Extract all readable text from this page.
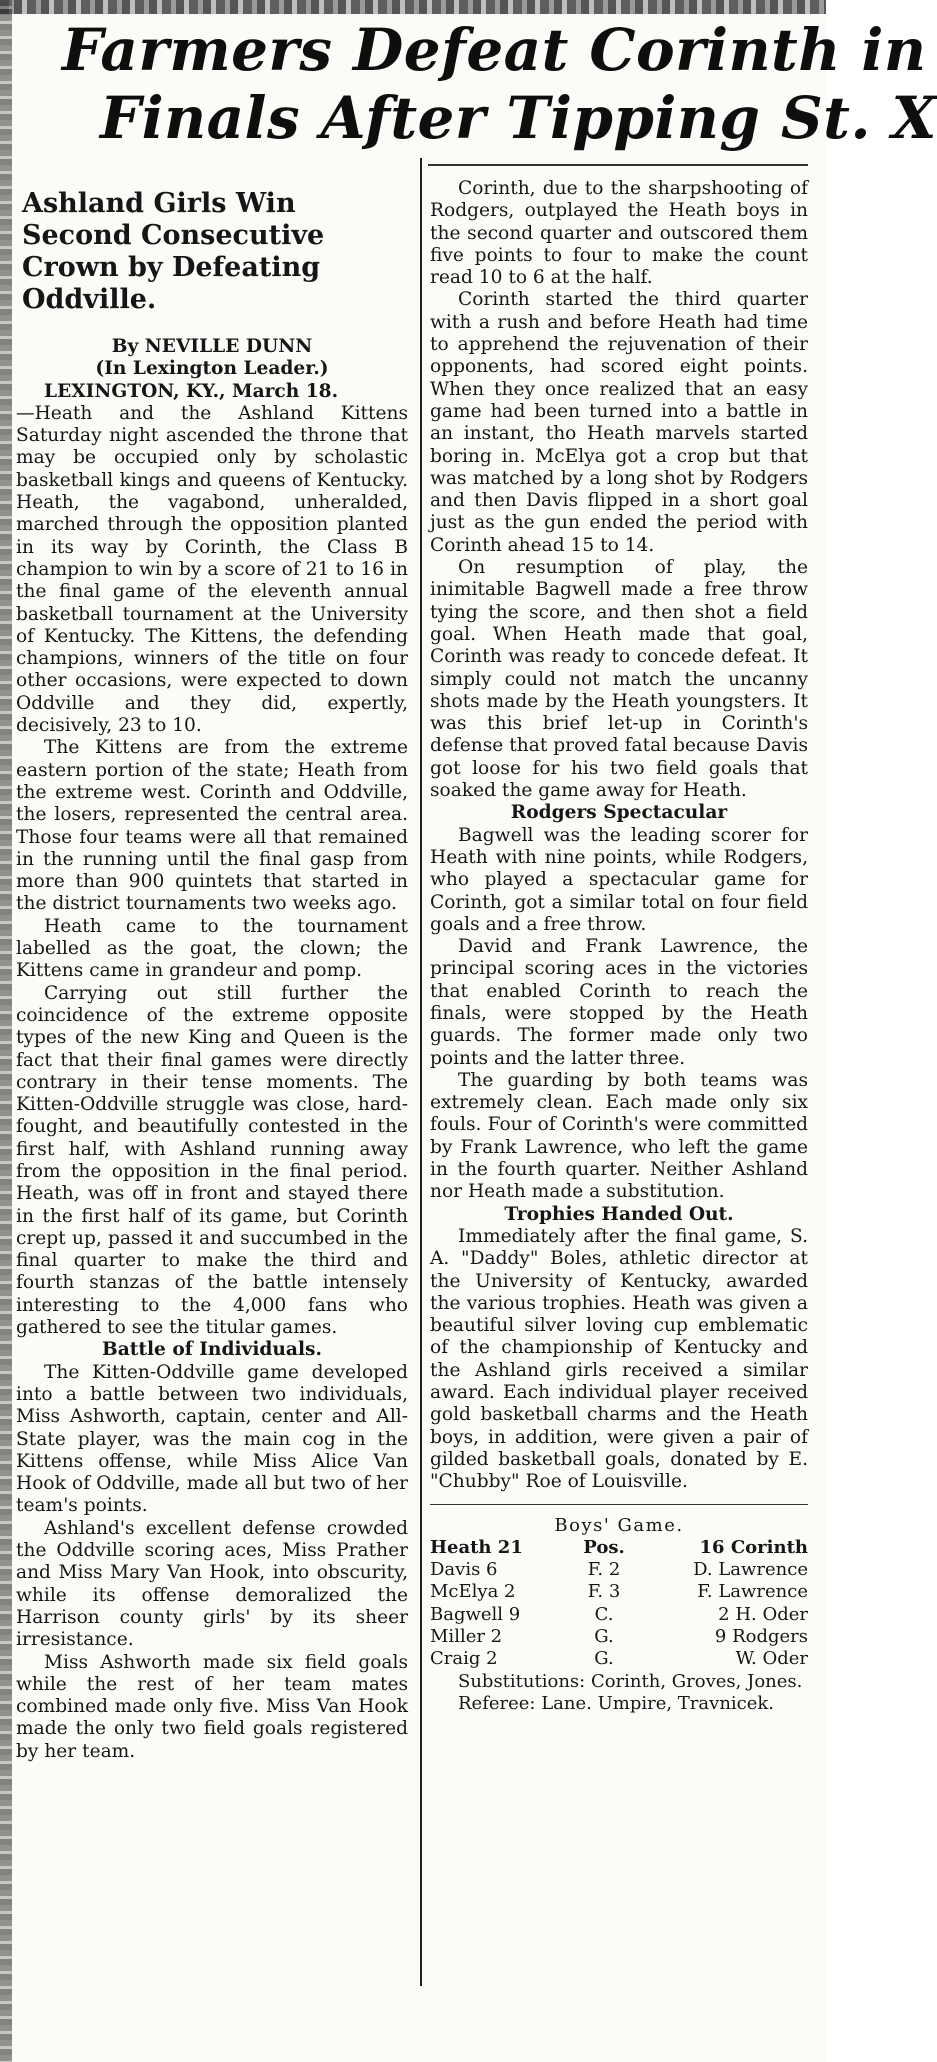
Farmers Defeat Corinth in
Finals After Tipping St. X

Ashland Girls Win Second Consecutive Crown by Defeating Oddville.

By NEVILLE DUNN

(In Lexington Leader.)

LEXINGTON, KY., March 18.

—Heath and the Ashland Kittens Saturday night ascended the throne that may be occupied only by scholastic basketball kings and queens of Kentucky. Heath, the vagabond, unheralded, marched through the opposition planted in its way by Corinth, the Class B champion to win by a score of 21 to 16 in the final game of the eleventh annual basketball tournament at the University of Kentucky. The Kittens, the defending champions, winners of the title on four other occasions, were expected to down Oddville and they did, expertly, decisively, 23 to 10.

The Kittens are from the extreme eastern portion of the state; Heath from the extreme west. Corinth and Oddville, the losers, represented the central area. Those four teams were all that remained in the running until the final gasp from more than 900 quintets that started in the district tournaments two weeks ago.

Heath came to the tournament labelled as the goat, the clown; the Kittens came in grandeur and pomp.

Carrying out still further the coincidence of the extreme opposite types of the new King and Queen is the fact that their final games were directly contrary in their tense moments. The Kitten-Oddville struggle was close, hard-fought, and beautifully contested in the first half, with Ashland running away from the opposition in the final period. Heath, was off in front and stayed there in the first half of its game, but Corinth crept up, passed it and succumbed in the final quarter to make the third and fourth stanzas of the battle intensely interesting to the 4,000 fans who gathered to see the titular games.

Battle of Individuals.

The Kitten-Oddville game developed into a battle between two individuals, Miss Ashworth, captain, center and All-State player, was the main cog in the Kittens offense, while Miss Alice Van Hook of Oddville, made all but two of her team's points.

Ashland's excellent defense crowded the Oddville scoring aces, Miss Prather and Miss Mary Van Hook, into obscurity, while its offense demoralized the Harrison county girls' by its sheer irresistance.

Miss Ashworth made six field goals while the rest of her team mates combined made only five. Miss Van Hook made the only two field goals registered by her team.

Corinth, due to the sharpshooting of Rodgers, outplayed the Heath boys in the second quarter and outscored them five points to four to make the count read 10 to 6 at the half.

Corinth started the third quarter with a rush and before Heath had time to apprehend the rejuvenation of their opponents, had scored eight points. When they once realized that an easy game had been turned into a battle in an instant, tho Heath marvels started boring in. McElya got a crop but that was matched by a long shot by Rodgers and then Davis flipped in a short goal just as the gun ended the period with Corinth ahead 15 to 14.

On resumption of play, the inimitable Bagwell made a free throw tying the score, and then shot a field goal. When Heath made that goal, Corinth was ready to concede defeat. It simply could not match the uncanny shots made by the Heath youngsters. It was this brief let-up in Corinth's defense that proved fatal because Davis got loose for his two field goals that soaked the game away for Heath.

Rodgers Spectacular

Bagwell was the leading scorer for Heath with nine points, while Rodgers, who played a spectacular game for Corinth, got a similar total on four field goals and a free throw.

David and Frank Lawrence, the principal scoring aces in the victories that enabled Corinth to reach the finals, were stopped by the Heath guards. The former made only two points and the latter three.

The guarding by both teams was extremely clean. Each made only six fouls. Four of Corinth's were committed by Frank Lawrence, who left the game in the fourth quarter. Neither Ashland nor Heath made a substitution.

Trophies Handed Out.

Immediately after the final game, S. A. "Daddy" Boles, athletic director at the University of Kentucky, awarded the various trophies. Heath was given a beautiful silver loving cup emblematic of the championship of Kentucky and the Ashland girls received a similar award. Each individual player received gold basketball charms and the Heath boys, in addition, were given a pair of gilded basketball goals, donated by E. "Chubby" Roe of Louisville.

Boys' Game.

Heath 21	Pos.	16 Corinth
Davis 6	F. 2	D. Lawrence
McElya 2	F. 3	F. Lawrence
Bagwell 9	C.	2 H. Oder
Miller 2	G.	9 Rodgers
Craig 2	G.	W. Oder

Substitutions: Corinth, Groves, Jones.

Referee: Lane. Umpire, Travnicek.
